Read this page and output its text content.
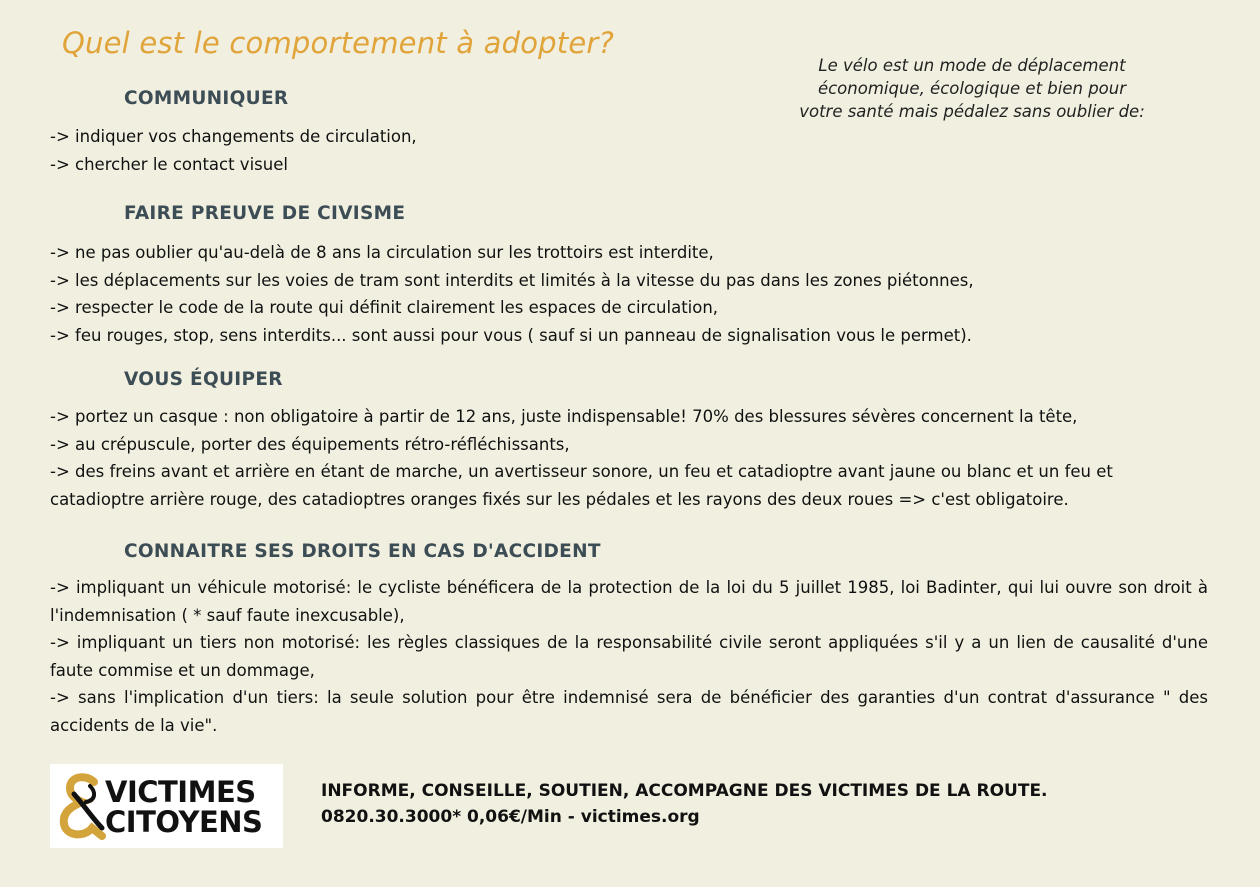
Quel est le comportement à adopter?
Le vélo est un mode de déplacement
économique, écologique et bien pour
votre santé mais pédalez sans oublier de:
COMMUNIQUER
-> indiquer vos changements de circulation,
-> chercher le contact visuel
FAIRE PREUVE DE CIVISME
-> ne pas oublier qu'au-delà de 8 ans la circulation sur les trottoirs est interdite,
-> les déplacements sur les voies de tram sont interdits et limités à la vitesse du pas dans les zones piétonnes,
-> respecter le code de la route qui définit clairement les espaces de circulation,
-> feu rouges, stop, sens interdits... sont aussi pour vous ( sauf si un panneau de signalisation vous le permet).
VOUS ÉQUIPER
-> portez un casque : non obligatoire à partir de 12 ans, juste indispensable! 70% des blessures sévères concernent la tête,
-> au crépuscule, porter des équipements rétro-réfléchissants,
-> des freins avant et arrière en étant de marche, un avertisseur sonore, un feu et catadioptre avant jaune ou blanc et un feu et catadioptre arrière rouge, des catadioptres oranges fixés sur les pédales et les rayons des deux roues => c'est obligatoire.
CONNAITRE SES DROITS EN CAS D'ACCIDENT
-> impliquant un véhicule motorisé: le cycliste bénéficera de la protection de la loi du 5 juillet 1985, loi Badinter, qui lui ouvre son droit à l'indemnisation ( * sauf faute inexcusable),
-> impliquant un tiers non motorisé: les règles classiques de la responsabilité civile seront appliquées s'il y a un lien de causalité d'une faute commise et un dommage,
-> sans l'implication d'un tiers: la seule solution pour être indemnisé sera de bénéficier des garanties d'un contrat d'assurance " des accidents de la vie".
VICTIMES
CITOYENS
INFORME, CONSEILLE, SOUTIEN, ACCOMPAGNE DES VICTIMES DE LA ROUTE.
0820.30.3000* 0,06€/Min - victimes.org
